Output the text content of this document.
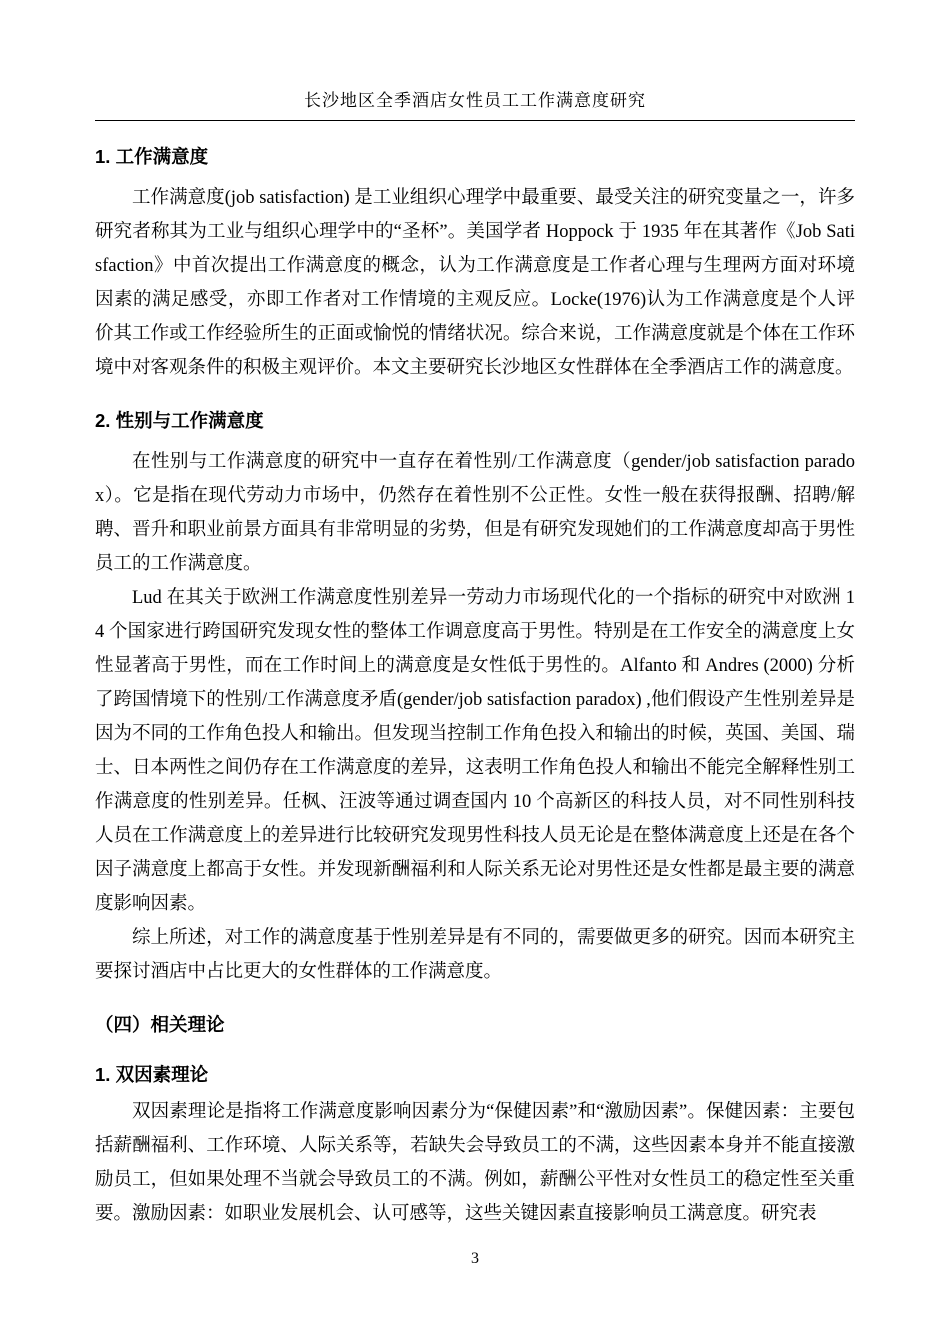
长沙地区全季酒店女性员工工作满意度研究
1. 工作满意度

工作满意度(job satisfaction) 是工业组织心理学中最重要、最受关注的研究变量之一，许多研究者称其为工业与组织心理学中的“圣杯”。美国学者 Hoppock 于 1935 年在其著作《Job Satisfaction》中首次提出工作满意度的概念，认为工作满意度是工作者心理与生理两方面对环境因素的满足感受，亦即工作者对工作情境的主观反应。Locke(1976)认为工作满意度是个人评价其工作或工作经验所生的正面或愉悦的情绪状况。综合来说，工作满意度就是个体在工作环境中对客观条件的积极主观评价。本文主要研究长沙地区女性群体在全季酒店工作的满意度。

2. 性别与工作满意度

在性别与工作满意度的研究中一直存在着性别/工作满意度（gender/job satisfaction paradox）。它是指在现代劳动力市场中，仍然存在着性别不公正性。女性一般在获得报酬、招聘/解聘、晋升和职业前景方面具有非常明显的劣势，但是有研究发现她们的工作满意度却高于男性员工的工作满意度。

Lud 在其关于欧洲工作满意度性别差异一劳动力市场现代化的一个指标的研究中对欧洲 14 个国家进行跨国研究发现女性的整体工作调意度高于男性。特别是在工作安全的满意度上女性显著高于男性，而在工作时间上的满意度是女性低于男性的。Alfanto 和 Andres (2000) 分析了跨国情境下的性别/工作满意度矛盾(gender/job satisfaction paradox) ,他们假设产生性别差异是因为不同的工作角色投人和输出。但发现当控制工作角色投入和输出的时候，英国、美国、瑞士、日本两性之间仍存在工作满意度的差异，这表明工作角色投人和输出不能完全解释性别工作满意度的性别差异。任枫、汪波等通过调查国内 10 个高新区的科技人员，对不同性别科技人员在工作满意度上的差异进行比较研究发现男性科技人员无论是在整体满意度上还是在各个因子满意度上都高于女性。并发现新酬福利和人际关系无论对男性还是女性都是最主要的满意度影响因素。

综上所述，对工作的满意度基于性别差异是有不同的，需要做更多的研究。因而本研究主要探讨酒店中占比更大的女性群体的工作满意度。

（四）相关理论
1. 双因素理论

双因素理论是指将工作满意度影响因素分为“保健因素”和“激励因素”。保健因素：主要包括薪酬福利、工作环境、人际关系等，若缺失会导致员工的不满，这些因素本身并不能直接激励员工，但如果处理不当就会导致员工的不满。例如，薪酬公平性对女性员工的稳定性至关重要。激励因素：如职业发展机会、认可感等，这些关键因素直接影响员工满意度。研究表

3
